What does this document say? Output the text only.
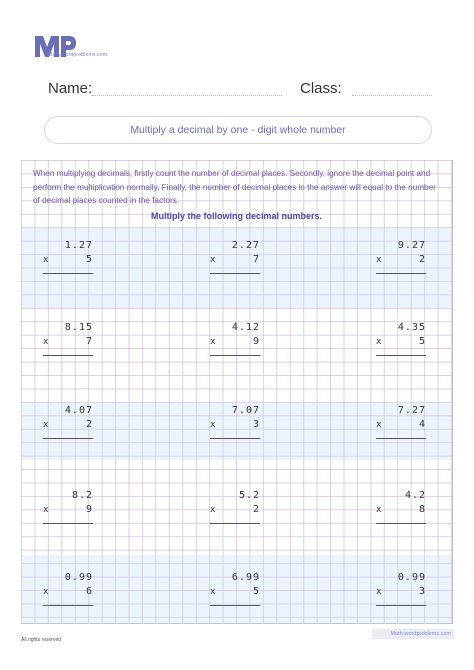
Math-wordproblems.com
Name:	Class:
Multiply a decimal by one - digit whole number
When multiplying decimals, firstly count the number of decimal places. Secondly, ignore the decimal point and perform the multiplication normally. Finally, the number of decimal places in the answer will equal to the number of decimal places counted in the factors.
Multiply the following decimal numbers.
1.27
x	5
2.27
x	7
9.27
x	2
8.15
x	7
4.12
x	9
4.35
x	5
4.07
x	2
7.07
x	3
7.27
x	4
8.2
x	9
5.2
x	2
4.2
x	8
0.99
x	6
6.99
x	5
0.99
x	3
All rights reserved
Math-wordproblems.com
